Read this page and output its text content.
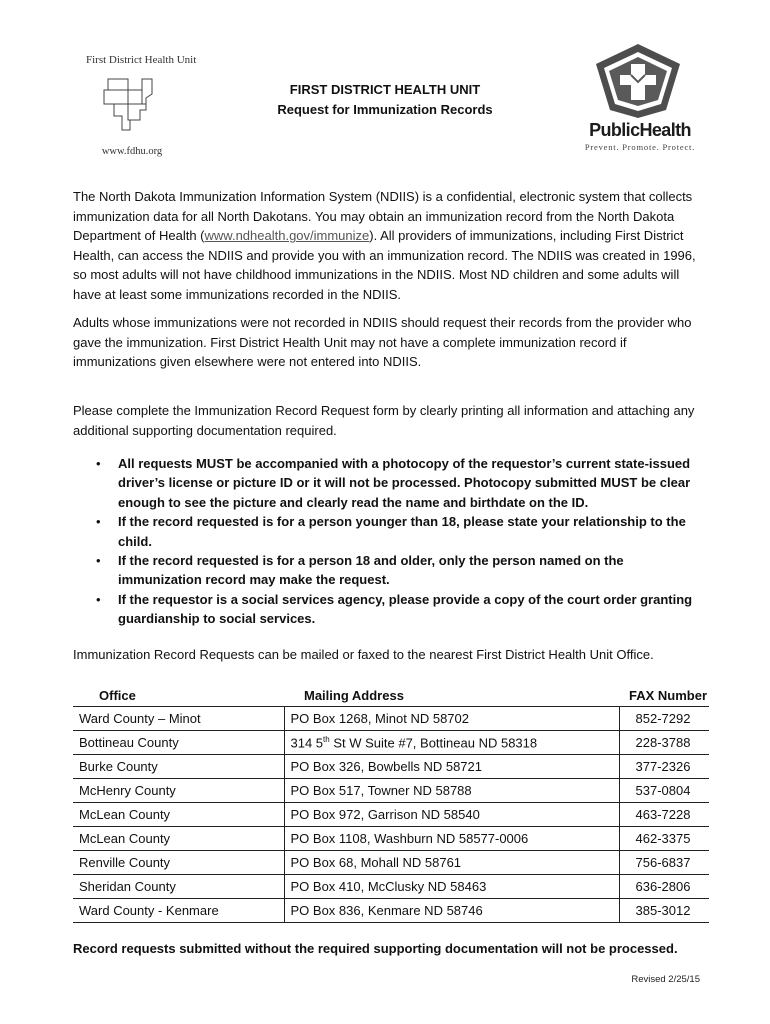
First District Health Unit
www.fdhu.org
FIRST DISTRICT HEALTH UNIT
Request for Immunization Records
PublicHealth
Prevent. Promote. Protect.

The North Dakota Immunization Information System (NDIIS) is a confidential, electronic system that collects immunization data for all North Dakotans. You may obtain an immunization record from the North Dakota Department of Health (www.ndhealth.gov/immunize). All providers of immunizations, including First District Health, can access the NDIIS and provide you with an immunization record. The NDIIS was created in 1996, so most adults will not have childhood immunizations in the NDIIS. Most ND children and some adults will have at least some immunizations recorded in the NDIIS.

Adults whose immunizations were not recorded in NDIIS should request their records from the provider who gave the immunization. First District Health Unit may not have a complete immunization record if immunizations given elsewhere were not entered into NDIIS.

Please complete the Immunization Record Request form by clearly printing all information and attaching any additional supporting documentation required.

• All requests MUST be accompanied with a photocopy of the requestor’s current state-issued driver’s license or picture ID or it will not be processed. Photocopy submitted MUST be clear enough to see the picture and clearly read the name and birthdate on the ID.
• If the record requested is for a person younger than 18, please state your relationship to the child.
• If the record requested is for a person 18 and older, only the person named on the immunization record may make the request.
• If the requestor is a social services agency, please provide a copy of the court order granting guardianship to social services.

Immunization Record Requests can be mailed or faxed to the nearest First District Health Unit Office.

Office	Mailing Address	FAX Number
Ward County – Minot	PO Box 1268, Minot ND 58702	852-7292
Bottineau County	314 5th St W Suite #7, Bottineau ND 58318	228-3788
Burke County	PO Box 326, Bowbells ND 58721	377-2326
McHenry County	PO Box 517, Towner ND 58788	537-0804
McLean County	PO Box 972, Garrison ND 58540	463-7228
McLean County	PO Box 1108, Washburn ND 58577-0006	462-3375
Renville County	PO Box 68, Mohall ND 58761	756-6837
Sheridan County	PO Box 410, McClusky ND 58463	636-2806
Ward County - Kenmare	PO Box 836, Kenmare ND 58746	385-3012
Record requests submitted without the required supporting documentation will not be processed.
Revised 2/25/15
